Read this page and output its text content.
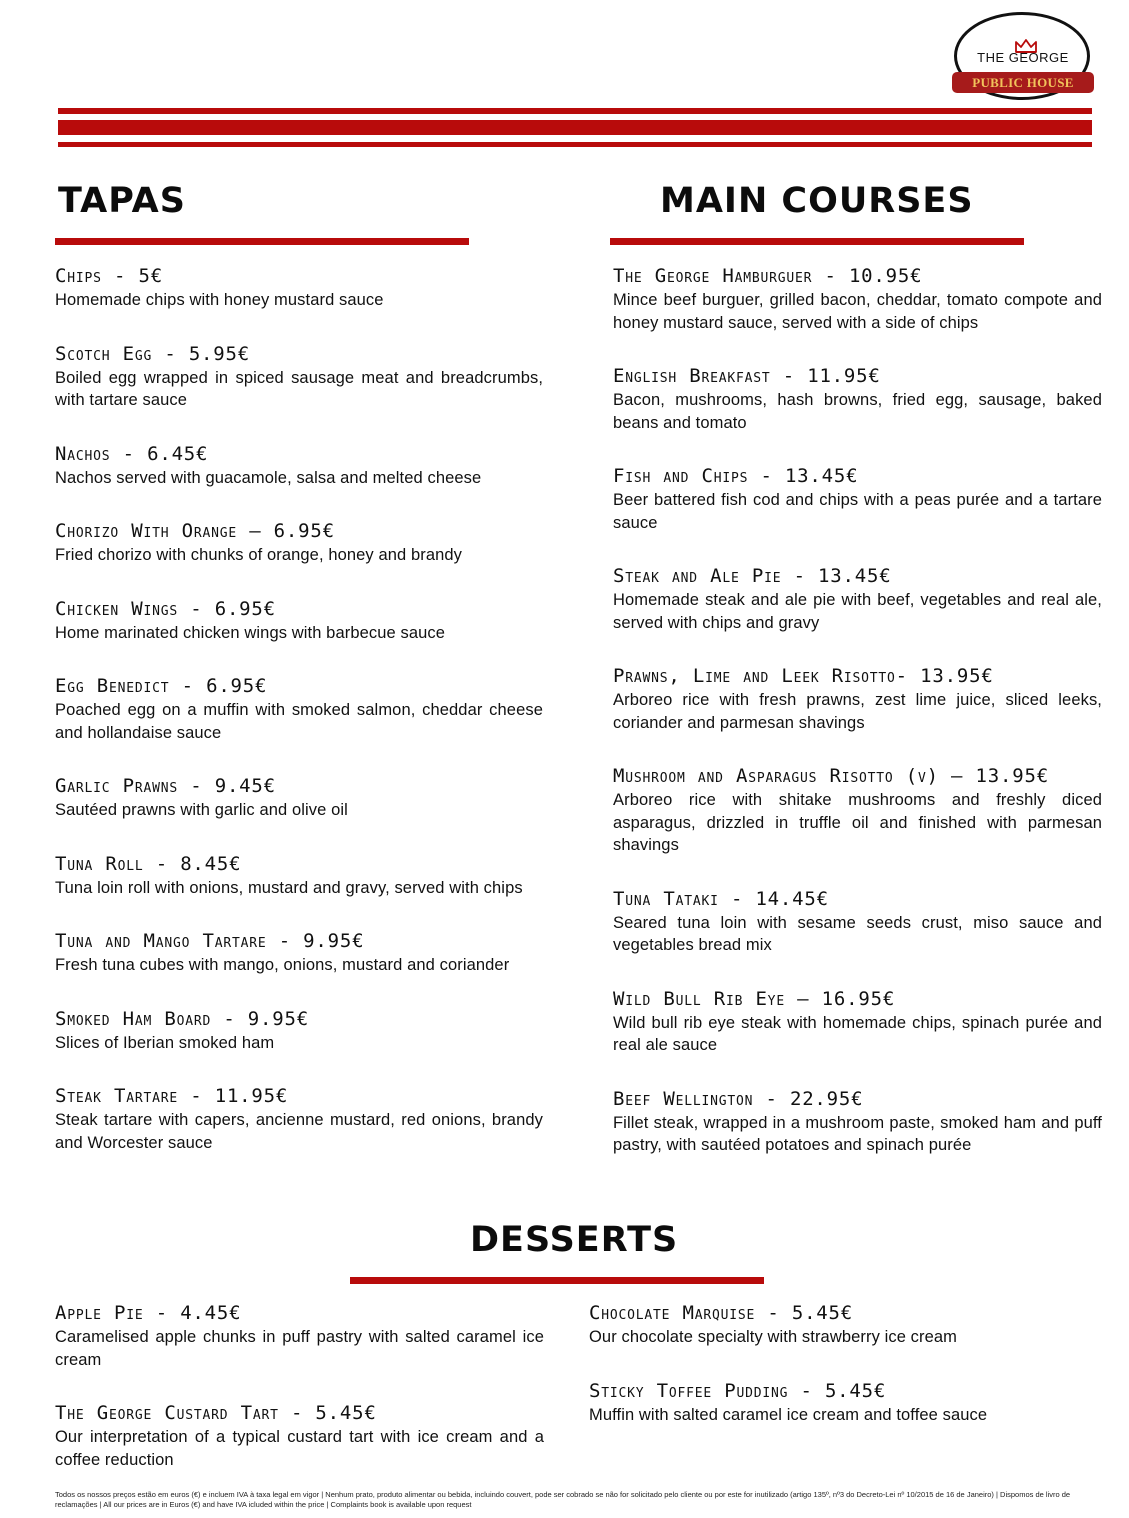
THE GEORGE
PUBLIC HOUSE
TAPAS
Chips - 5€
Homemade chips with honey mustard sauce
Scotch Egg - 5.95€
Boiled egg wrapped in spiced sausage meat and breadcrumbs, with tartare sauce
Nachos - 6.45€
Nachos served with guacamole, salsa and melted cheese
Chorizo With Orange – 6.95€
Fried chorizo with chunks of orange, honey and brandy
Chicken Wings - 6.95€
Home marinated chicken wings with barbecue sauce
Egg Benedict - 6.95€
Poached egg on a muffin with smoked salmon, cheddar cheese and hollandaise sauce
Garlic Prawns - 9.45€
Sautéed prawns with garlic and olive oil
Tuna Roll - 8.45€
Tuna loin roll with onions, mustard and gravy, served with chips
Tuna and Mango Tartare - 9.95€
Fresh tuna cubes with mango, onions, mustard and coriander
Smoked Ham Board - 9.95€
Slices of Iberian smoked ham
Steak Tartare - 11.95€
Steak tartare with capers, ancienne mustard, red onions, brandy and Worcester sauce
MAIN COURSES
The George Hamburguer - 10.95€
Mince beef burguer, grilled bacon, cheddar, tomato compote and honey mustard sauce, served with a side of chips
English Breakfast - 11.95€
Bacon, mushrooms, hash browns, fried egg, sausage, baked beans and tomato
Fish and Chips - 13.45€
Beer battered fish cod and chips with a peas purée and a tartare sauce
Steak and Ale Pie - 13.45€
Homemade steak and ale pie with beef, vegetables and real ale, served with chips and gravy
Prawns, Lime and Leek Risotto- 13.95€
Arboreo rice with fresh prawns, zest lime juice, sliced leeks, coriander and parmesan shavings
Mushroom and Asparagus Risotto (v) – 13.95€
Arboreo rice with shitake mushrooms and freshly diced asparagus, drizzled in truffle oil and finished with parmesan shavings
Tuna Tataki - 14.45€
Seared tuna loin with sesame seeds crust, miso sauce and vegetables bread mix
Wild Bull Rib Eye – 16.95€
Wild bull rib eye steak with homemade chips, spinach purée and real ale sauce
Beef Wellington - 22.95€
Fillet steak, wrapped in a mushroom paste, smoked ham and puff pastry, with sautéed potatoes and spinach purée
DESSERTS
Apple Pie - 4.45€
Caramelised apple chunks in puff pastry with salted caramel ice cream
The George Custard Tart - 5.45€
Our interpretation of a typical custard tart with ice cream and a coffee reduction
Chocolate Marquise - 5.45€
Our chocolate specialty with strawberry ice cream
Sticky Toffee Pudding - 5.45€
Muffin with salted caramel ice cream and toffee sauce
Todos os nossos preços estão em euros (€) e incluem IVA à taxa legal em vigor | Nenhum prato, produto alimentar ou bebida, incluindo couvert, pode ser cobrado se não for solicitado pelo cliente ou por este for inutilizado (artigo 135º, nº3 do Decreto-Lei nº 10/2015 de 16 de Janeiro) | Dispomos de livro de reclamações | All our prices are in Euros (€) and have IVA icluded within the price | Complaints book is available upon request
